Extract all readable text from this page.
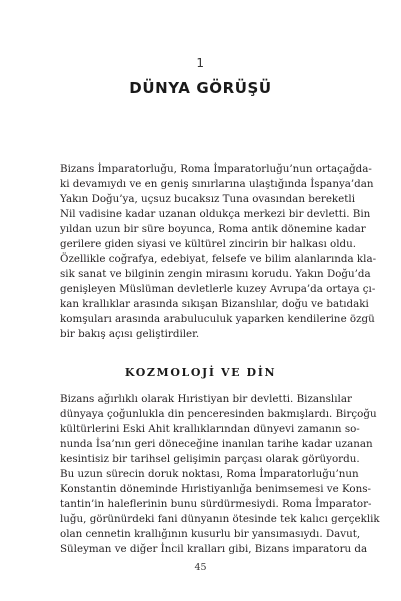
1
DÜNYA GÖRÜŞÜ
Bizans İmparatorluğu, Roma İmparatorluğu’nun ortaçağda-
ki devamıydı ve en geniş sınırlarına ulaştığında İspanya’dan
Yakın Doğu’ya, uçsuz bucaksız Tuna ovasından bereketli
Nil vadisine kadar uzanan oldukça merkezi bir devletti. Bin
yıldan uzun bir süre boyunca, Roma antik dönemine kadar
gerilere giden siyasi ve kültürel zincirin bir halkası oldu.
Özellikle coğrafya, edebiyat, felsefe ve bilim alanlarında kla-
sik sanat ve bilginin zengin mirasını korudu. Yakın Doğu’da
genişleyen Müslüman devletlerle kuzey Avrupa’da ortaya çı-
kan krallıklar arasında sıkışan Bizanslılar, doğu ve batıdaki
komşuları arasında arabuluculuk yaparken kendilerine özgü
bir bakış açısı geliştirdiler.
KOZMOLOJİ VE DİN
Bizans ağırlıklı olarak Hıristiyan bir devletti. Bizanslılar
dünyaya çoğunlukla din penceresinden bakmışlardı. Birçoğu
kültürlerini Eski Ahit krallıklarından dünyevi zamanın so-
nunda İsa’nın geri döneceğine inanılan tarihe kadar uzanan
kesintisiz bir tarihsel gelişimin parçası olarak görüyordu.
Bu uzun sürecin doruk noktası, Roma İmparatorluğu’nun
Konstantin döneminde Hıristiyanlığa benimsemesi ve Kons-
tantin’in haleflerinin bunu sürdürmesiydi. Roma İmparator-
luğu, görünürdeki fani dünyanın ötesinde tek kalıcı gerçeklik
olan cennetin krallığının kusurlu bir yansımasıydı. Davut,
Süleyman ve diğer İncil kralları gibi, Bizans imparatoru da
45
